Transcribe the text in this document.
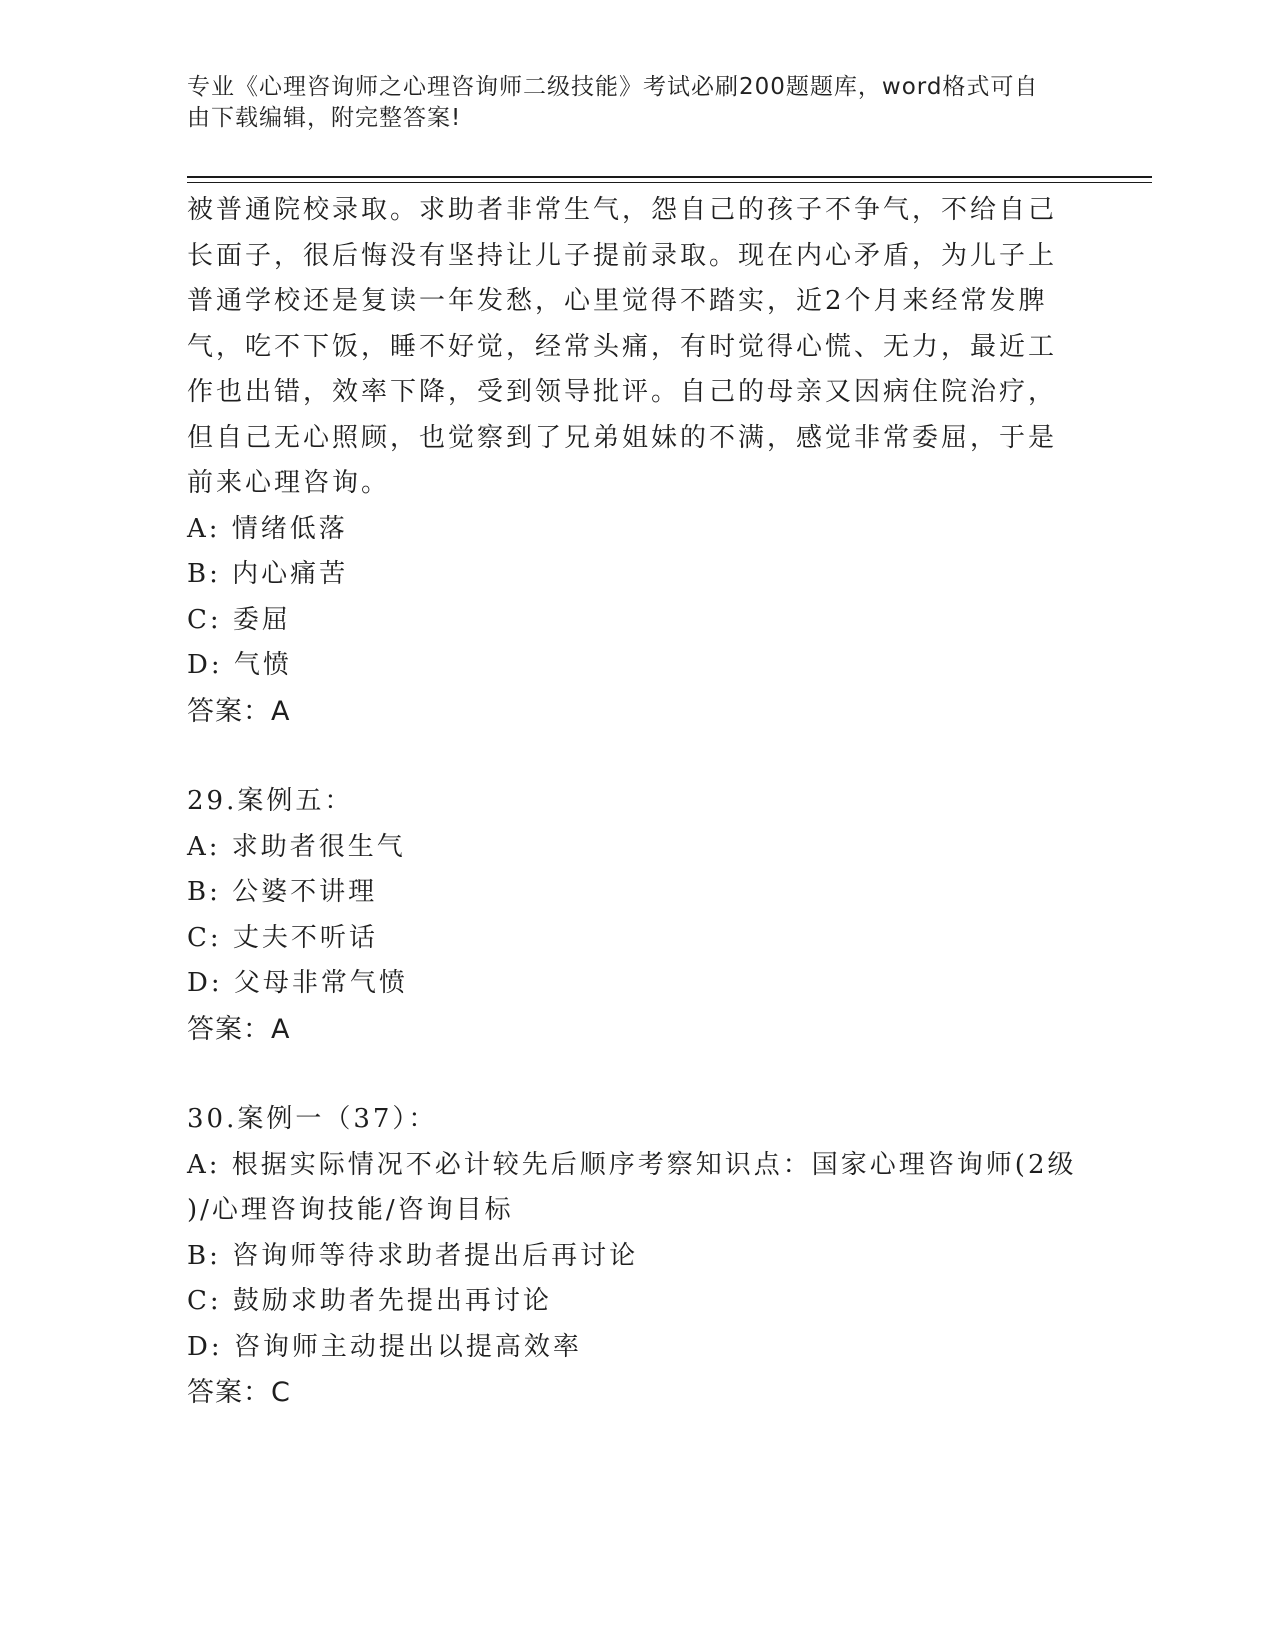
专业《心理咨询师之心理咨询师二级技能》考试必刷200题题库，word格式可自
由下载编辑，附完整答案!
被普通院校录取。求助者非常生气，怨自己的孩子不争气，不给自己
长面子，很后悔没有坚持让儿子提前录取。现在内心矛盾，为儿子上
普通学校还是复读一年发愁，心里觉得不踏实，近2个月来经常发脾
气，吃不下饭，睡不好觉，经常头痛，有时觉得心慌、无力，最近工
作也出错，效率下降，受到领导批评。自己的母亲又因病住院治疗，
但自己无心照顾，也觉察到了兄弟姐妹的不满，感觉非常委屈，于是
前来心理咨询。
A: 情绪低落
B: 内心痛苦
C: 委屈
D: 气愤
答案：A
29.案例五：
A: 求助者很生气
B: 公婆不讲理
C: 丈夫不听话
D: 父母非常气愤
答案：A
30.案例一（37）：
A: 根据实际情况不必计较先后顺序考察知识点：国家心理咨询师(2级
)/心理咨询技能/咨询目标
B: 咨询师等待求助者提出后再讨论
C: 鼓励求助者先提出再讨论
D: 咨询师主动提出以提高效率
答案：C
